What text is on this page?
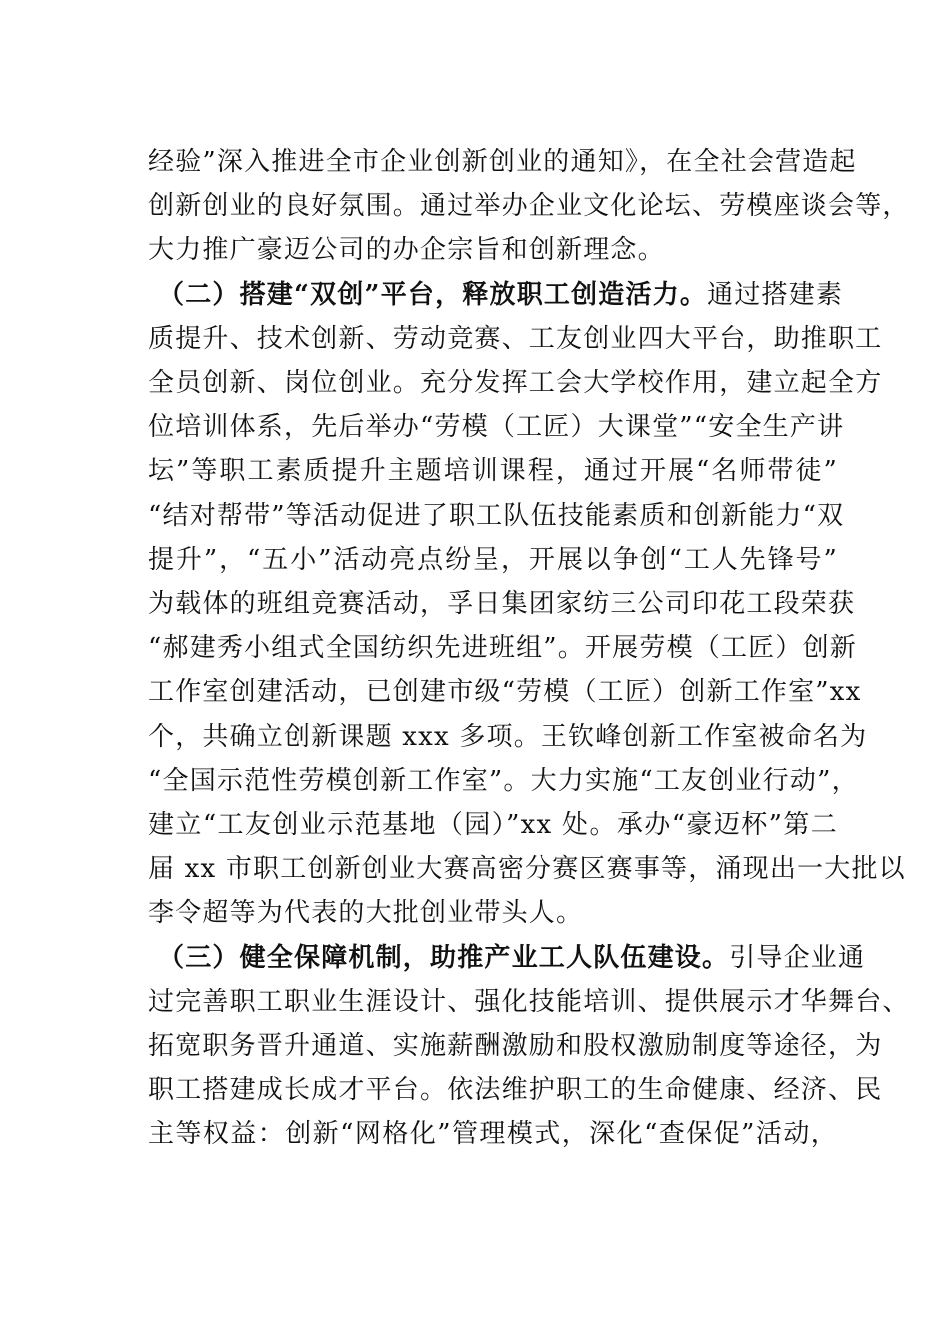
经验”深入推进全市企业创新创业的通知》，在全社会营造起
创新创业的良好氛围。通过举办企业文化论坛、劳模座谈会等，
大力推广豪迈公司的办企宗旨和创新理念。
（二）搭建“双创”平台，释放职工创造活力。通过搭建素
质提升、技术创新、劳动竞赛、工友创业四大平台，助推职工
全员创新、岗位创业。充分发挥工会大学校作用，建立起全方
位培训体系，先后举办“劳模（工匠）大课堂”“安全生产讲
坛”等职工素质提升主题培训课程，通过开展“名师带徒”
“结对帮带”等活动促进了职工队伍技能素质和创新能力“双
提升”，“五小”活动亮点纷呈，开展以争创“工人先锋号”
为载体的班组竞赛活动，孚日集团家纺三公司印花工段荣获
“郝建秀小组式全国纺织先进班组”。开展劳模（工匠）创新
工作室创建活动，已创建市级“劳模（工匠）创新工作室”xx
个，共确立创新课题 xxx 多项。王钦峰创新工作室被命名为
“全国示范性劳模创新工作室”。大力实施“工友创业行动”，
建立“工友创业示范基地（园）”xx 处。承办“豪迈杯”第二
届 xx 市职工创新创业大赛高密分赛区赛事等，涌现出一大批以
李令超等为代表的大批创业带头人。
（三）健全保障机制，助推产业工人队伍建设。引导企业通
过完善职工职业生涯设计、强化技能培训、提供展示才华舞台、
拓宽职务晋升通道、实施薪酬激励和股权激励制度等途径，为
职工搭建成长成才平台。依法维护职工的生命健康、经济、民
主等权益：创新“网格化”管理模式，深化“查保促”活动，
